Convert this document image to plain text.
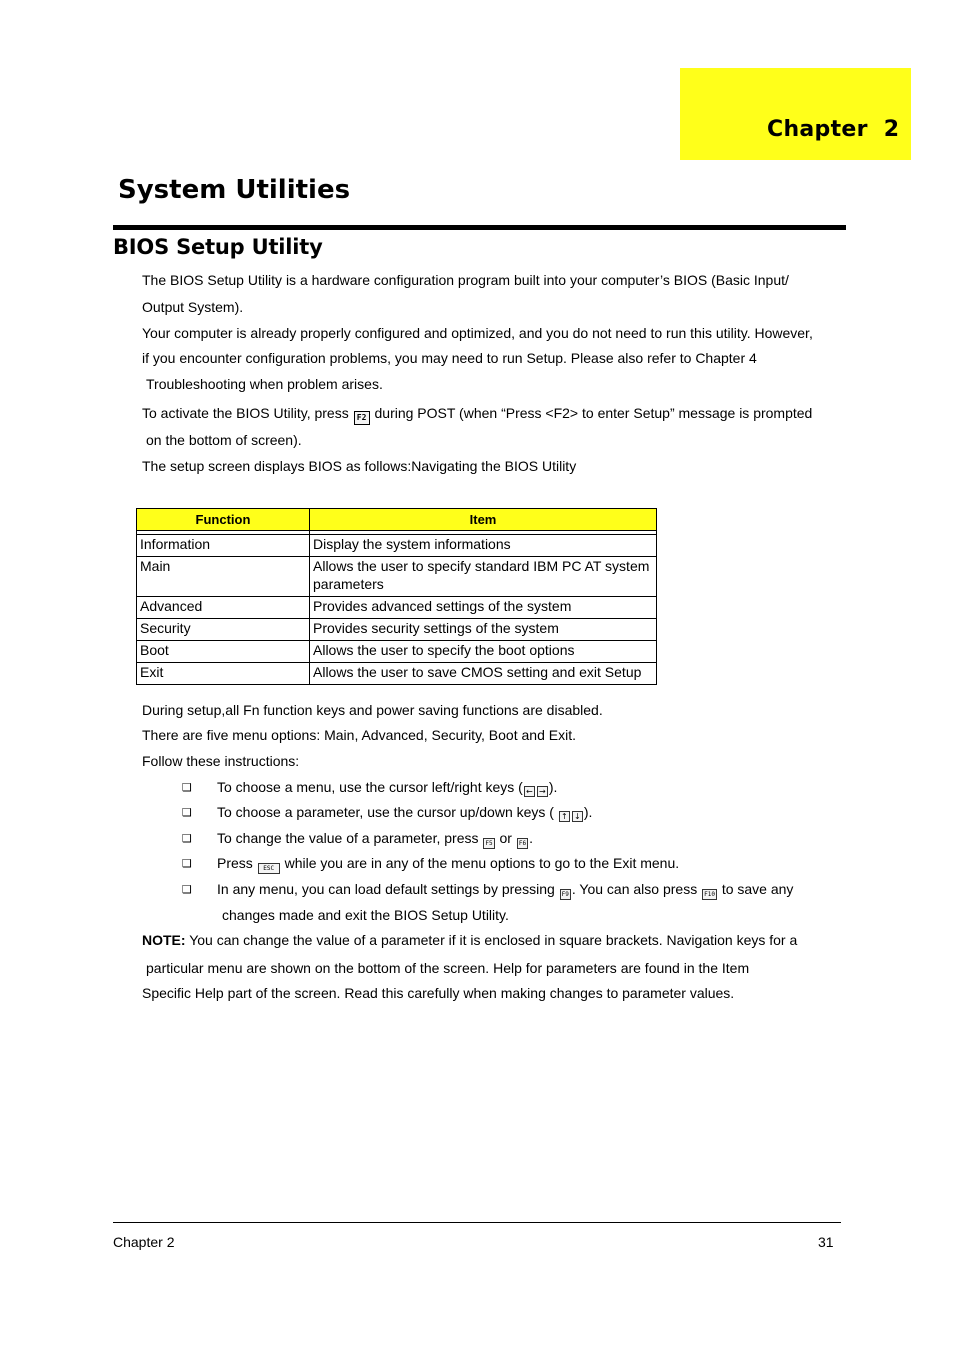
Chapter  2
System Utilities
BIOS Setup Utility
The BIOS Setup Utility is a hardware configuration program built into your computer’s BIOS (Basic Input/
Output System).
Your computer is already properly configured and optimized, and you do not need to run this utility. However,
if you encounter configuration problems, you may need to run Setup. Please also refer to Chapter 4
Troubleshooting when problem arises.
To activate the BIOS Utility, press F2 during POST (when “Press <F2> to enter Setup” message is prompted
on the bottom of screen).
The setup screen displays BIOS as follows:Navigating the BIOS Utility
Function	Item

Information	Display the system informations
Main	Allows the user to specify standard IBM PC AT system parameters
Advanced	Provides advanced settings of the system
Security	Provides security settings of the system
Boot	Allows the user to specify the boot options
Exit	Allows the user to save CMOS setting and exit Setup
During setup,all Fn function keys and power saving functions are disabled.
There are five menu options: Main, Advanced, Security, Boot and Exit.
Follow these instructions:
❑ To choose a menu, use the cursor left/right keys ( ← → ).
❑ To choose a parameter, use the cursor up/down keys ( ↑ ↓ ).
❑ To change the value of a parameter, press F5 or F6 .
❑ Press ESC while you are in any of the menu options to go to the Exit menu.
❑ In any menu, you can load default settings by pressing F9 . You can also press F10 to save any
changes made and exit the BIOS Setup Utility.
NOTE: You can change the value of a parameter if it is enclosed in square brackets. Navigation keys for a
particular menu are shown on the bottom of the screen. Help for parameters are found in the Item
Specific Help part of the screen. Read this carefully when making changes to parameter values.
Chapter 2	31
